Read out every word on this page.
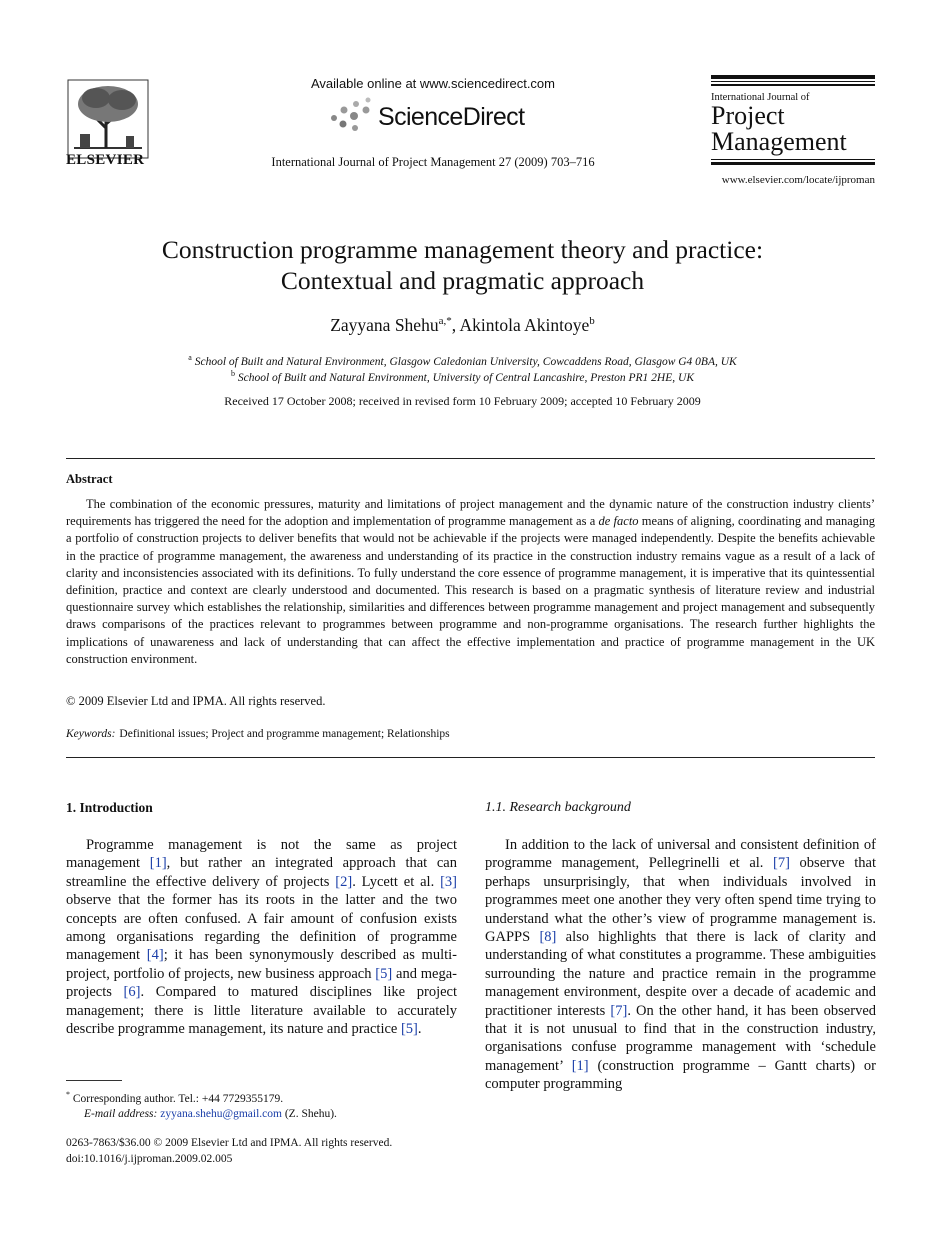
ELSEVIER
Available online at www.sciencedirect.com
ScienceDirect
International Journal of Project Management 27 (2009) 703–716
International Journal of
Project
Management
www.elsevier.com/locate/ijproman
Construction programme management theory and practice:
Contextual and pragmatic approach
Zayyana Shehu$^{a,*}$, Akintola Akintoye$^b$
$^a$ School of Built and Natural Environment, Glasgow Caledonian University, Cowcaddens Road, Glasgow G4 0BA, UK
$^b$ School of Built and Natural Environment, University of Central Lancashire, Preston PR1 2HE, UK
Received 17 October 2008; received in revised form 10 February 2009; accepted 10 February 2009
Abstract
The combination of the economic pressures, maturity and limitations of project management and the dynamic nature of the construction industry clients’ requirements has triggered the need for the adoption and implementation of programme management as a de facto means of aligning, coordinating and managing a portfolio of construction projects to deliver benefits that would not be achievable if the projects were managed independently. Despite the benefits achievable in the practice of programme management, the awareness and understanding of its practice in the construction industry remains vague as a result of a lack of clarity and inconsistencies associated with its definitions. To fully understand the core essence of programme management, it is imperative that its quintessential definition, practice and context are clearly understood and documented. This research is based on a pragmatic synthesis of literature review and industrial questionnaire survey which establishes the relationship, similarities and differences between programme management and project management and subsequently draws comparisons of the practices relevant to programmes between programme and non-programme organisations. The research further highlights the implications of unawareness and lack of understanding that can affect the effective implementation and practice of programme management in the UK construction environment.
© 2009 Elsevier Ltd and IPMA. All rights reserved.
Keywords: Definitional issues; Project and programme management; Relationships
1. Introduction	1.1. Research background
Programme management is not the same as project management [1], but rather an integrated approach that can streamline the effective delivery of projects [2]. Lycett et al. [3] observe that the former has its roots in the latter and the two concepts are often confused. A fair amount of confusion exists among organisations regarding the definition of programme management [4]; it has been synonymously described as multi-project, portfolio of projects, new business approach [5] and mega-projects [6]. Compared to matured disciplines like project management; there is little literature available to accurately describe programme management, its nature and practice [5].
In addition to the lack of universal and consistent definition of programme management, Pellegrinelli et al. [7] observe that perhaps unsurprisingly, that when individuals involved in programmes meet one another they very often spend time trying to understand what the other’s view of programme management is. GAPPS [8] also highlights that there is lack of clarity and understanding of what constitutes a programme. These ambiguities surrounding the nature and practice remain in the programme management environment, despite over a decade of academic and practitioner interests [7]. On the other hand, it has been observed that it is not unusual to find that in the construction industry, organisations confuse programme management with ‘schedule management’ [1] (construction programme – Gantt charts) or computer programming
* Corresponding author. Tel.: +44 7729355179.
E-mail address: zyyana.shehu@gmail.com (Z. Shehu).
0263-7863/$36.00 © 2009 Elsevier Ltd and IPMA. All rights reserved.
doi:10.1016/j.ijproman.2009.02.005
